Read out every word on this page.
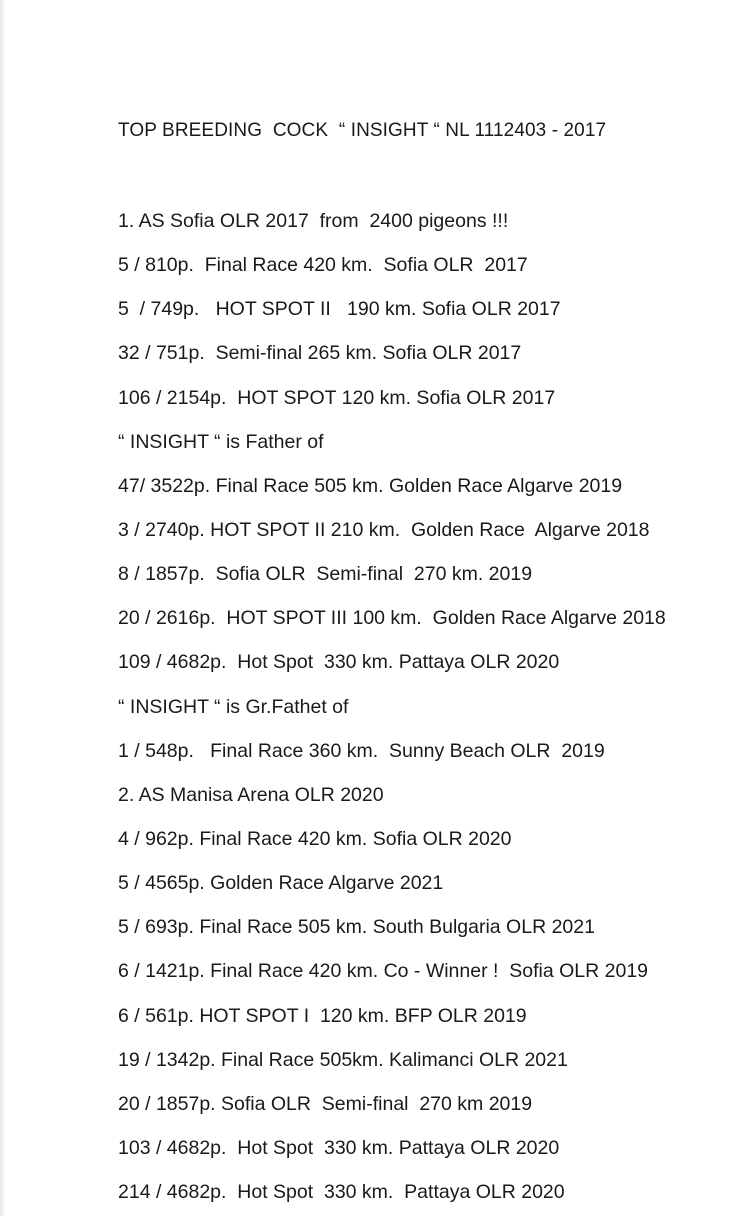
TOP BREEDING  COCK  “ INSIGHT “ NL 1112403 - 2017
1. AS Sofia OLR 2017  from  2400 pigeons !!!
5 / 810p.  Final Race 420 km.  Sofia OLR  2017
5  / 749p.   HOT SPOT II   190 km. Sofia OLR 2017
32 / 751p.  Semi-final 265 km. Sofia OLR 2017
106 / 2154p.  HOT SPOT 120 km. Sofia OLR 2017
“ INSIGHT “ is Father of
47/ 3522p. Final Race 505 km. Golden Race Algarve 2019
3 / 2740p. HOT SPOT II 210 km.  Golden Race  Algarve 2018
8 / 1857p.  Sofia OLR  Semi-final  270 km. 2019
20 / 2616p.  HOT SPOT III 100 km.  Golden Race Algarve 2018
109 / 4682p.  Hot Spot  330 km. Pattaya OLR 2020
“ INSIGHT “ is Gr.Fathet of
1 / 548p.   Final Race 360 km.  Sunny Beach OLR  2019
2. AS Manisa Arena OLR 2020
4 / 962p. Final Race 420 km. Sofia OLR 2020
5 / 4565p. Golden Race Algarve 2021
5 / 693p. Final Race 505 km. South Bulgaria OLR 2021
6 / 1421p. Final Race 420 km. Co - Winner !  Sofia OLR 2019
6 / 561p. HOT SPOT I  120 km. BFP OLR 2019
19 / 1342p. Final Race 505km. Kalimanci OLR 2021
20 / 1857p. Sofia OLR  Semi-final  270 km 2019
103 / 4682p.  Hot Spot  330 km. Pattaya OLR 2020
214 / 4682p.  Hot Spot  330 km.  Pattaya OLR 2020
